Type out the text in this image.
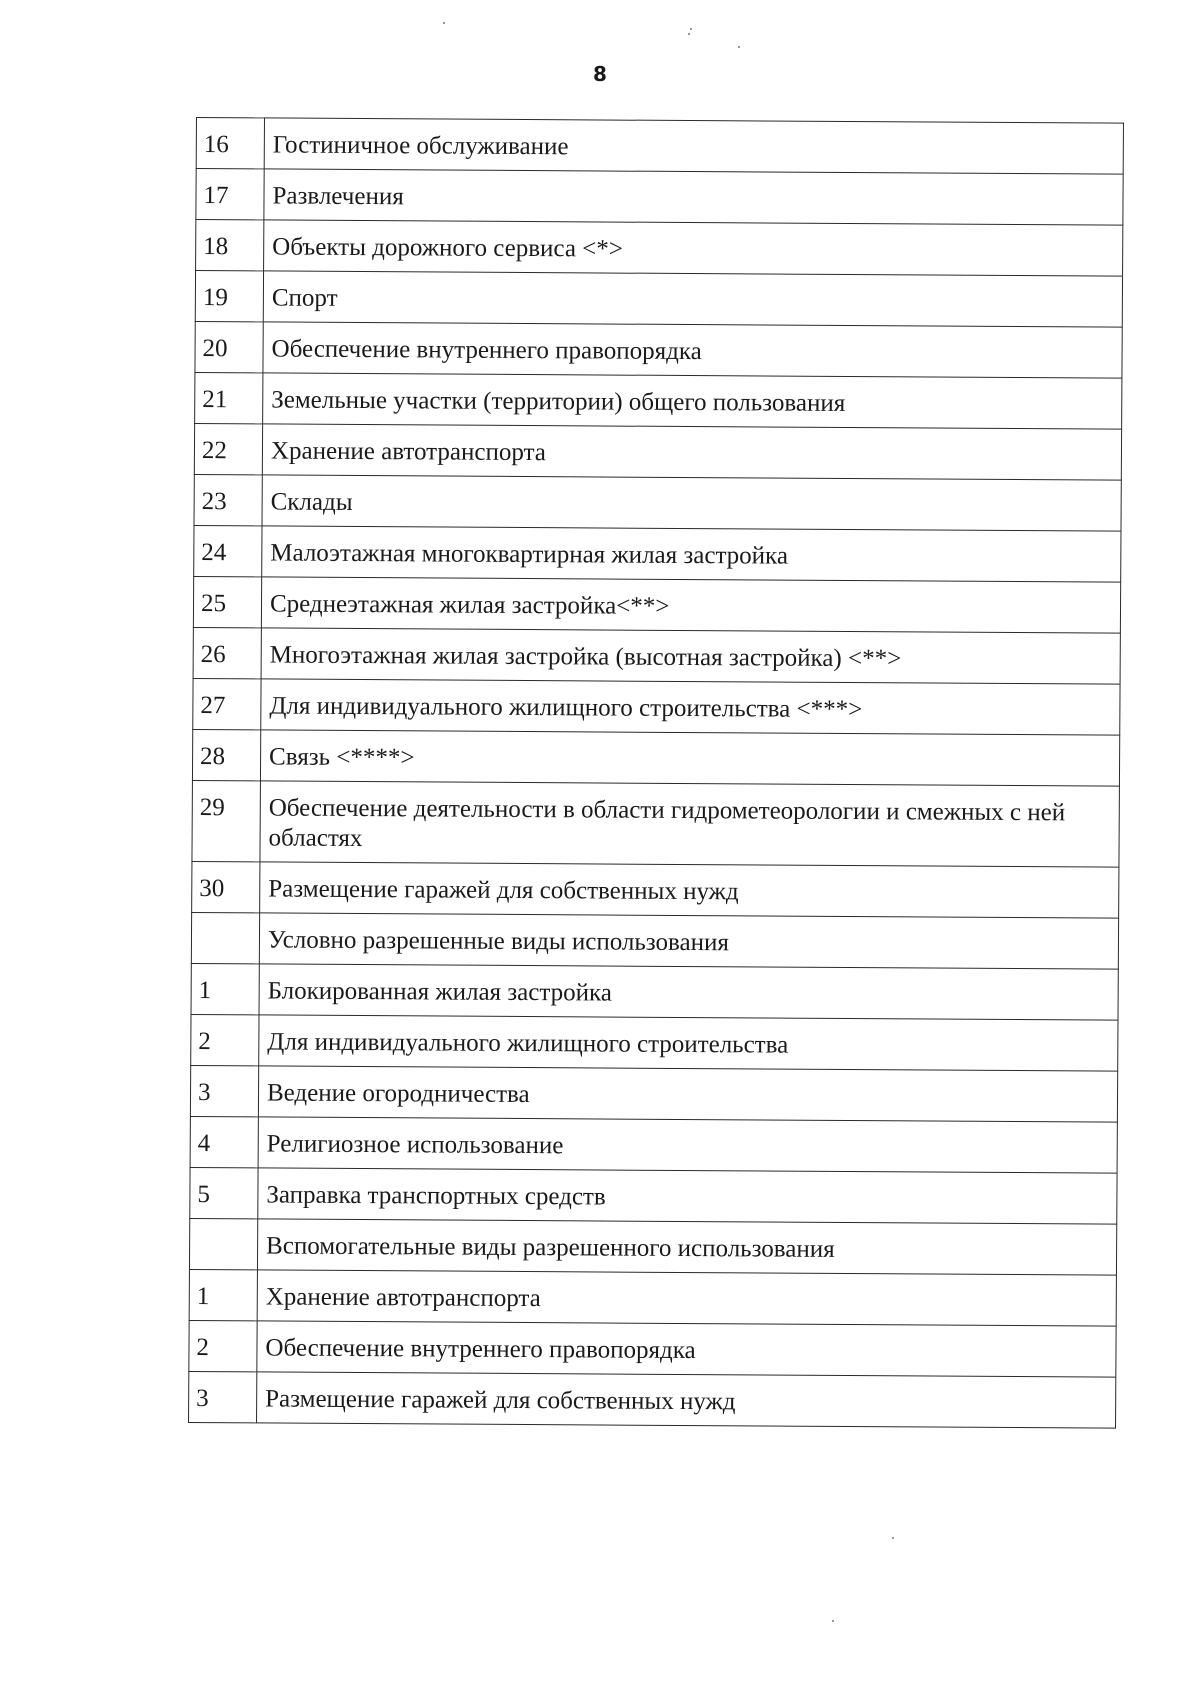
8
16	Гостиничное обслуживание
17	Развлечения
18	Объекты дорожного сервиса <*>
19	Спорт
20	Обеспечение внутреннего правопорядка
21	Земельные участки (территории) общего пользования
22	Хранение автотранспорта
23	Склады
24	Малоэтажная многоквартирная жилая застройка
25	Среднеэтажная жилая застройка<**>
26	Многоэтажная жилая застройка (высотная застройка) <**>
27	Для индивидуального жилищного строительства <***>
28	Связь <****>
29	Обеспечение деятельности в области гидрометеорологии и смежных с ней областях
30	Размещение гаражей для собственных нужд
	Условно разрешенные виды использования
1	Блокированная жилая застройка
2	Для индивидуального жилищного строительства
3	Ведение огородничества
4	Религиозное использование
5	Заправка транспортных средств
	Вспомогательные виды разрешенного использования
1	Хранение автотранспорта
2	Обеспечение внутреннего правопорядка
3	Размещение гаражей для собственных нужд
